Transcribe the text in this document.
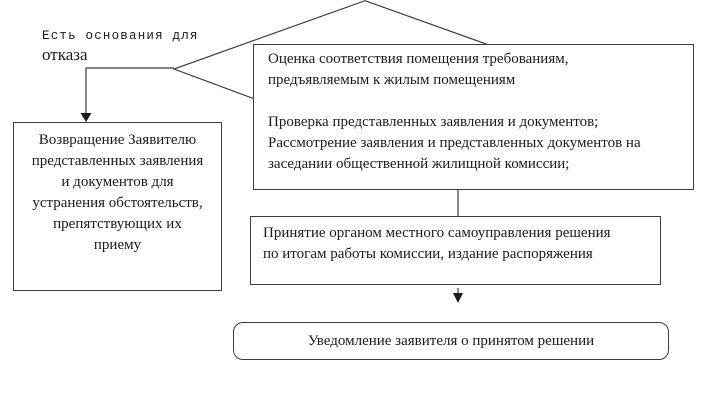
Есть основания для
отказа	Оценка соответствия помещения требованиям,
предъявляемым к жилым помещениям
Проверка представленных заявления и документов;
Рассмотрение заявления и представленных документов на
заседании общественной жилищной комиссии;
Возвращение Заявителю
представленных заявления
и документов для
устранения обстоятельств,
препятствующих их
приему
Принятие органом местного самоуправления решения
по итогам работы комиссии, издание распоряжения
Уведомление заявителя о принятом решении
